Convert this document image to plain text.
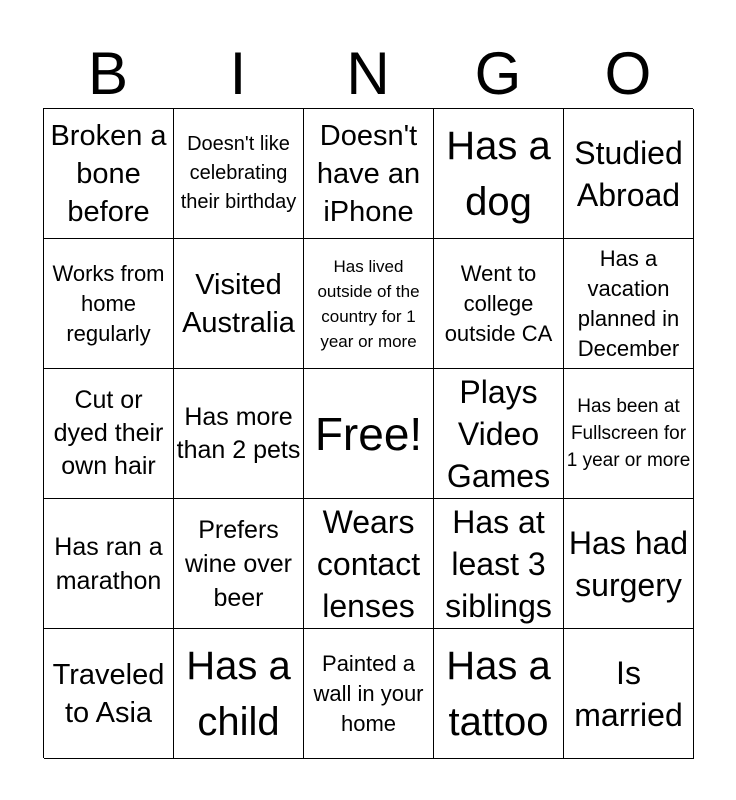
B	I	N	G	O
Broken a bone before
Doesn't like celebrating their birthday
Doesn't have an iPhone
Has a dog
Studied Abroad
Works from home regularly
Visited Australia
Has lived outside of the country for 1 year or more
Went to college outside CA
Has a vacation planned in December
Cut or dyed their own hair
Has more than 2 pets Free!
Plays Video Games
Has been at Fullscreen for 1 year or more
Has ran a marathon
Prefers wine over beer
Wears contact lenses
Has at least 3 siblings
Has had surgery
Traveled to Asia
Has a child
Painted a wall in your home
Has a tattoo
Is married
